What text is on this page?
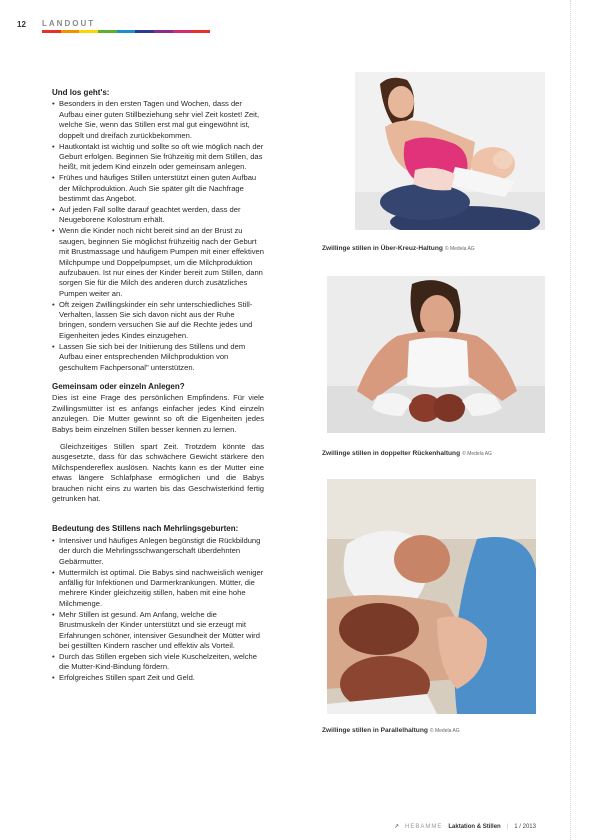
12 LANDOUT
Und los geht's:
• Besonders in den ersten Tagen und Wochen, dass der Aufbau einer guten Stillbeziehung sehr viel Zeit kostet! Zeit, welche Sie, wenn das Stillen erst mal gut eingewöhnt ist, doppelt und dreifach zurückbekommen.
• Hautkontakt ist wichtig und sollte so oft wie möglich nach der Geburt erfolgen. Beginnen Sie frühzeitig mit dem Stillen, das heißt, mit jedem Kind einzeln oder gemeinsam anlegen.
• Frühes und häufiges Stillen unterstützt einen guten Aufbau der Milchproduktion. Auch Sie später gilt die Nachfrage bestimmt das Angebot.
• Auf jeden Fall sollte darauf geachtet werden, dass der Neugeborene Kolostrum erhält.
• Wenn die Kinder noch nicht bereit sind an der Brust zu saugen, beginnen Sie möglichst frühzeitig nach der Geburt mit Brustmassage und häufigem Pumpen mit einer effektiven Milchpumpe und Doppelpumpset, um die Milchproduktion aufzubauen. Ist nur eines der Kinder bereit zum Stillen, dann sorgen Sie für die Milch des anderen durch zusätzliches Pumpen weiter an.
• Oft zeigen Zwillingskinder ein sehr unterschiedliches Still-Verhalten, lassen Sie sich davon nicht aus der Ruhe bringen, sondern versuchen Sie auf die Rechte jedes und Eigenheiten jedes Kindes einzugehen.
• Lassen Sie sich bei der Initiierung des Stillens und dem Aufbau einer entsprechenden Milchproduktion von geschultem Fachpersonal" unterstützen.
Gemeinsam oder einzeln Anlegen?

Dies ist eine Frage des persönlichen Empfindens. Für viele Zwillingsmütter ist es anfangs einfacher jedes Kind einzeln anzulegen. Die Mutter gewinnt so oft die Eigenheiten jedes Babys beim einzelnen Stillen besser kennen zu lernen.

Gleichzeitiges Stillen spart Zeit. Trotzdem könnte das ausgesetzte, dass für das schwächere Gewicht stärkere den Milchspendereflex auslösen. Nachts kann es der Mutter eine etwas längere Schlafphase ermöglichen und die Babys brauchen nicht eins zu warten bis das Geschwisterkind fertig getrunken hat.

Bedeutung des Stillens nach Mehrlingsgeburten:
• Intensiver und häufiges Anlegen begünstigt die Rückbildung der durch die Mehrlingsschwangerschaft überdehnten Gebärmutter.
• Muttermilch ist optimal. Die Babys sind nachweislich weniger anfällig für Infektionen und Darmerkrankungen. Mütter, die mehrere Kinder gleichzeitig stillen, haben mit eine hohe Milchmenge.
• Mehr Stillen ist gesund. Am Anfang, welche die Brustmuskeln der Kinder unterstützt und sie erzeugt mit Erfahrungen schöner, intensiver Gesundheit der Mütter wird bei gestillten Kindern rascher und effektiv als Vorteil.
• Durch das Stillen ergeben sich viele Kuschelzeiten, welche die Mutter-Kind-Bindung fördern.
• Erfolgreiches Stillen spart Zeit und Geld.
Zwillinge stillen in Über-Kreuz-Haltung © Medela AG
Zwillinge stillen in doppelter Rückenhaltung © Medela AG
Zwillinge stillen in Parallelhaltung © Medela AG
↗ HEBAMME Laktation & Stillen | 1 / 2013
